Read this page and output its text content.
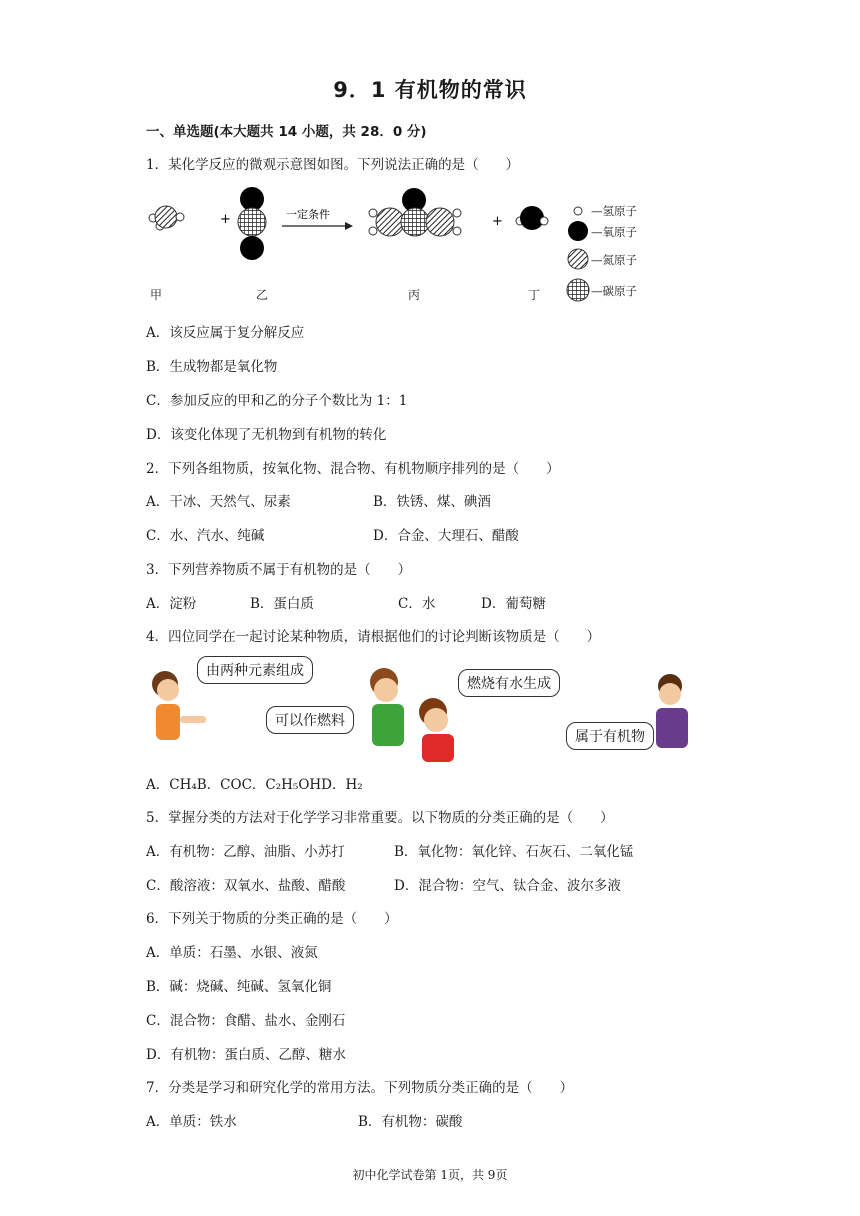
9．1 有机物的常识
一、单选题(本大题共 14 小题，共 28．0 分)
1．某化学反应的微观示意图如图。下列说法正确的是（　　）
+	一定条件	+
—氢原子
—氧原子
—氮原子
—碳原子
甲	乙	丙	丁
A．该反应属于复分解反应
B．生成物都是氧化物
C．参加反应的甲和乙的分子个数比为 1：1
D．该变化体现了无机物到有机物的转化
2．下列各组物质，按氧化物、混合物、有机物顺序排列的是（　　）
A．干冰、天然气、尿素	B．铁锈、煤、碘酒
C．水、汽水、纯碱	D．合金、大理石、醋酸
3．下列营养物质不属于有机物的是（　　）
A．淀粉	B．蛋白质	C．水	D．葡萄糖
4．四位同学在一起讨论某种物质，请根据他们的讨论判断该物质是（　　）
由两种元素组成
可以作燃料
燃烧有水生成
属于有机物
A．CH₄B．COC．C₂H₅OHD．H₂
5．掌握分类的方法对于化学学习非常重要。以下物质的分类正确的是（　　）
A．有机物：乙醇、油脂、小苏打	B．氧化物：氧化锌、石灰石、二氧化锰
C．酸溶液：双氧水、盐酸、醋酸	D．混合物：空气、钛合金、波尔多液
6．下列关于物质的分类正确的是（　　）
A．单质：石墨、水银、液氮
B．碱：烧碱、纯碱、氢氧化铜
C．混合物：食醋、盐水、金刚石
D．有机物：蛋白质、乙醇、糖水
7．分类是学习和研究化学的常用方法。下列物质分类正确的是（　　）
A．单质：铁水	B．有机物：碳酸
初中化学试卷第 1页，共 9页
